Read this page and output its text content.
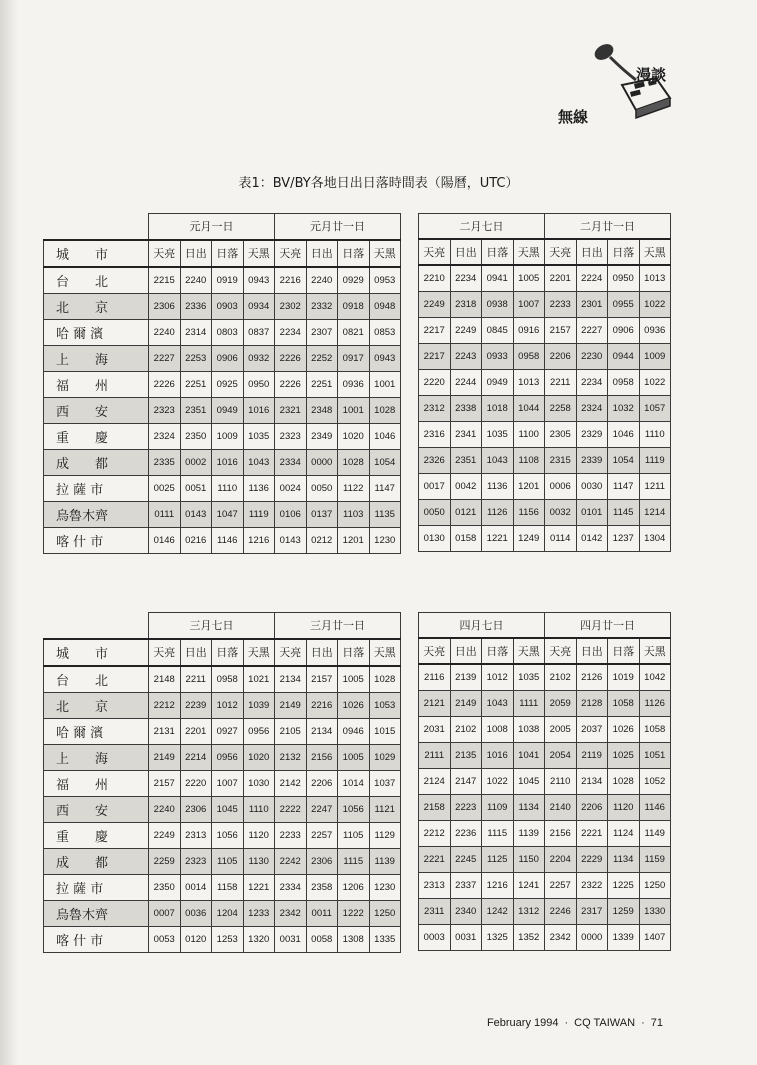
漫談
無線
表1：BV/BY各地日出日落時間表（陽曆，UTC）
	元月一日				元月廿一日			
城　　市	天亮	日出	日落	天黑	天亮	日出	日落	天黑
台　　北	2215	2240	0919	0943	2216	2240	0929	0953
北　　京	2306	2336	0903	0934	2302	2332	0918	0948
哈 爾 濱	2240	2314	0803	0837	2234	2307	0821	0853
上　　海	2227	2253	0906	0932	2226	2252	0917	0943
福　　州	2226	2251	0925	0950	2226	2251	0936	1001
西　　安	2323	2351	0949	1016	2321	2348	1001	1028
重　　慶	2324	2350	1009	1035	2323	2349	1020	1046
成　　都	2335	0002	1016	1043	2334	0000	1028	1054
拉 薩 市	0025	0051	1110	1136	0024	0050	1122	1147
烏魯木齊	0111	0143	1047	1119	0106	0137	1103	1135
喀 什 市	0146	0216	1146	1216	0143	0212	1201	1230
二月七日				二月廿一日			
天亮	日出	日落	天黑	天亮	日出	日落	天黑
2210	2234	0941	1005	2201	2224	0950	1013
2249	2318	0938	1007	2233	2301	0955	1022
2217	2249	0845	0916	2157	2227	0906	0936
2217	2243	0933	0958	2206	2230	0944	1009
2220	2244	0949	1013	2211	2234	0958	1022
2312	2338	1018	1044	2258	2324	1032	1057
2316	2341	1035	1100	2305	2329	1046	1110
2326	2351	1043	1108	2315	2339	1054	1119
0017	0042	1136	1201	0006	0030	1147	1211
0050	0121	1126	1156	0032	0101	1145	1214
0130	0158	1221	1249	0114	0142	1237	1304
	三月七日				三月廿一日			
城　　市	天亮	日出	日落	天黑	天亮	日出	日落	天黑
台　　北	2148	2211	0958	1021	2134	2157	1005	1028
北　　京	2212	2239	1012	1039	2149	2216	1026	1053
哈 爾 濱	2131	2201	0927	0956	2105	2134	0946	1015
上　　海	2149	2214	0956	1020	2132	2156	1005	1029
福　　州	2157	2220	1007	1030	2142	2206	1014	1037
西　　安	2240	2306	1045	1110	2222	2247	1056	1121
重　　慶	2249	2313	1056	1120	2233	2257	1105	1129
成　　都	2259	2323	1105	1130	2242	2306	1115	1139
拉 薩 市	2350	0014	1158	1221	2334	2358	1206	1230
烏魯木齊	0007	0036	1204	1233	2342	0011	1222	1250
喀 什 市	0053	0120	1253	1320	0031	0058	1308	1335
四月七日				四月廿一日			
天亮	日出	日落	天黑	天亮	日出	日落	天黑
2116	2139	1012	1035	2102	2126	1019	1042
2121	2149	1043	1111	2059	2128	1058	1126
2031	2102	1008	1038	2005	2037	1026	1058
2111	2135	1016	1041	2054	2119	1025	1051
2124	2147	1022	1045	2110	2134	1028	1052
2158	2223	1109	1134	2140	2206	1120	1146
2212	2236	1115	1139	2156	2221	1124	1149
2221	2245	1125	1150	2204	2229	1134	1159
2313	2337	1216	1241	2257	2322	1225	1250
2311	2340	1242	1312	2246	2317	1259	1330
0003	0031	1325	1352	2342	0000	1339	1407
February 1994 · CQ TAIWAN · 71
